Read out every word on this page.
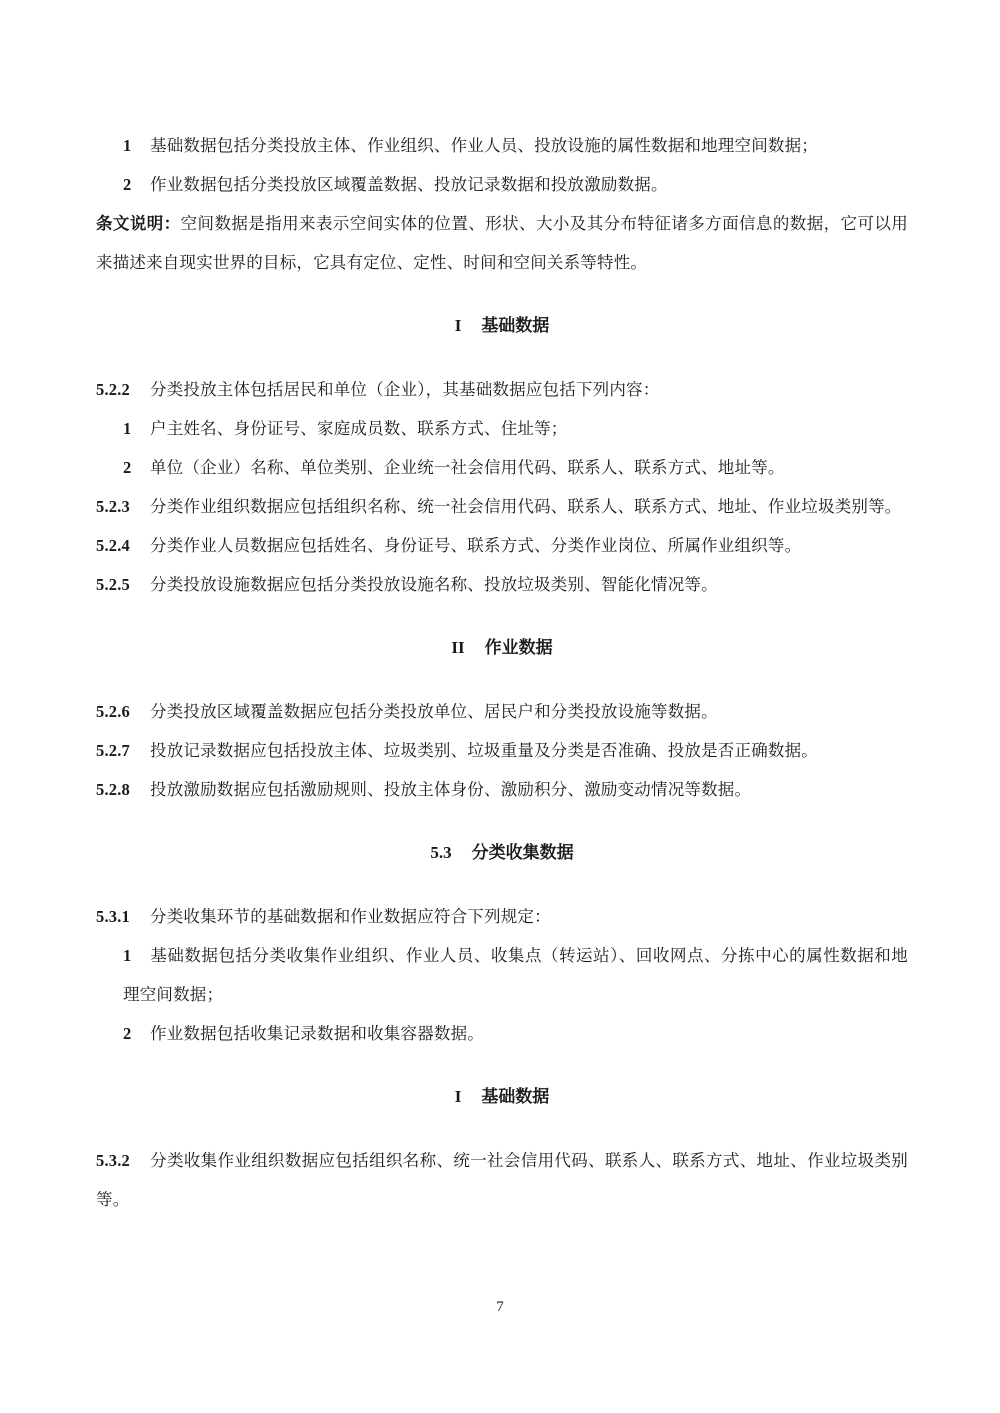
1 基础数据包括分类投放主体、作业组织、作业人员、投放设施的属性数据和地理空间数据；

2 作业数据包括分类投放区域覆盖数据、投放记录数据和投放激励数据。

条文说明：空间数据是指用来表示空间实体的位置、形状、大小及其分布特征诸多方面信息的数据，它可以用来描述来自现实世界的目标，它具有定位、定性、时间和空间关系等特性。

I 基础数据

5.2.2 分类投放主体包括居民和单位（企业），其基础数据应包括下列内容：

1 户主姓名、身份证号、家庭成员数、联系方式、住址等；

2 单位（企业）名称、单位类别、企业统一社会信用代码、联系人、联系方式、地址等。

5.2.3 分类作业组织数据应包括组织名称、统一社会信用代码、联系人、联系方式、地址、作业垃圾类别等。

5.2.4 分类作业人员数据应包括姓名、身份证号、联系方式、分类作业岗位、所属作业组织等。

5.2.5 分类投放设施数据应包括分类投放设施名称、投放垃圾类别、智能化情况等。

II 作业数据

5.2.6 分类投放区域覆盖数据应包括分类投放单位、居民户和分类投放设施等数据。

5.2.7 投放记录数据应包括投放主体、垃圾类别、垃圾重量及分类是否准确、投放是否正确数据。

5.2.8 投放激励数据应包括激励规则、投放主体身份、激励积分、激励变动情况等数据。

5.3 分类收集数据

5.3.1 分类收集环节的基础数据和作业数据应符合下列规定：

1 基础数据包括分类收集作业组织、作业人员、收集点（转运站）、回收网点、分拣中心的属性数据和地理空间数据；

2 作业数据包括收集记录数据和收集容器数据。

I 基础数据

5.3.2 分类收集作业组织数据应包括组织名称、统一社会信用代码、联系人、联系方式、地址、作业垃圾类别等。

7
